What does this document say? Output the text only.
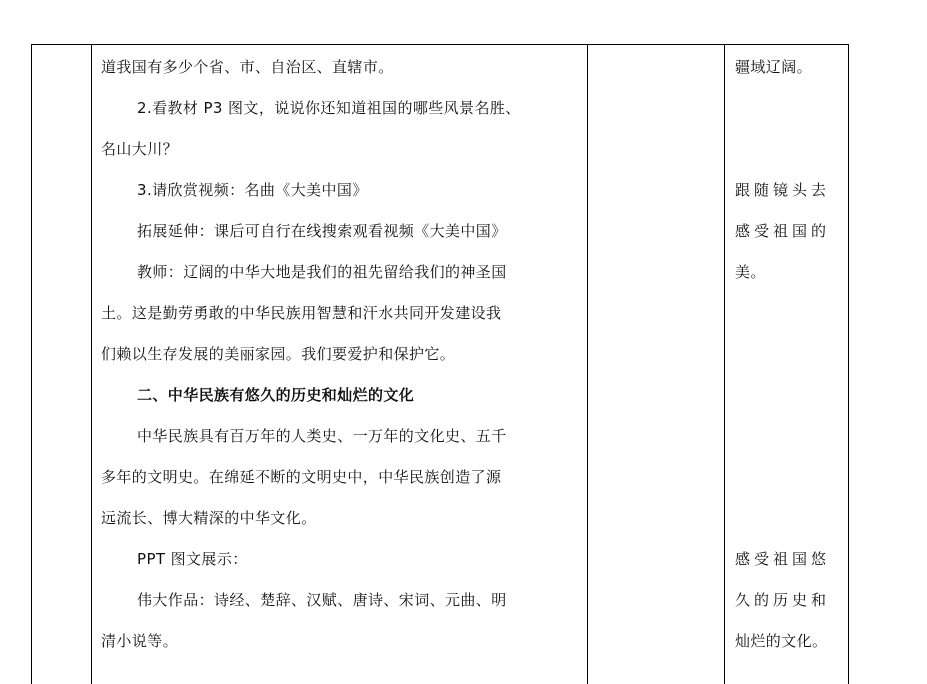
道我国有多少个省、市、自治区、直辖市。
2.看教材 P3 图文，说说你还知道祖国的哪些风景名胜、
名山大川？
3.请欣赏视频：名曲《大美中国》
拓展延伸：课后可自行在线搜索观看视频《大美中国》
教师：辽阔的中华大地是我们的祖先留给我们的神圣国
土。这是勤劳勇敢的中华民族用智慧和汗水共同开发建设我
们赖以生存发展的美丽家园。我们要爱护和保护它。
二、中华民族有悠久的历史和灿烂的文化
中华民族具有百万年的人类史、一万年的文化史、五千
多年的文明史。在绵延不断的文明史中，中华民族创造了源
远流长、博大精深的中华文化。
PPT 图文展示：
伟大作品：诗经、楚辞、汉赋、唐诗、宋词、元曲、明
清小说等。
疆域辽阔。
跟随镜头去
感受祖国的
美。
感受祖国悠
久的历史和
灿烂的文化。
